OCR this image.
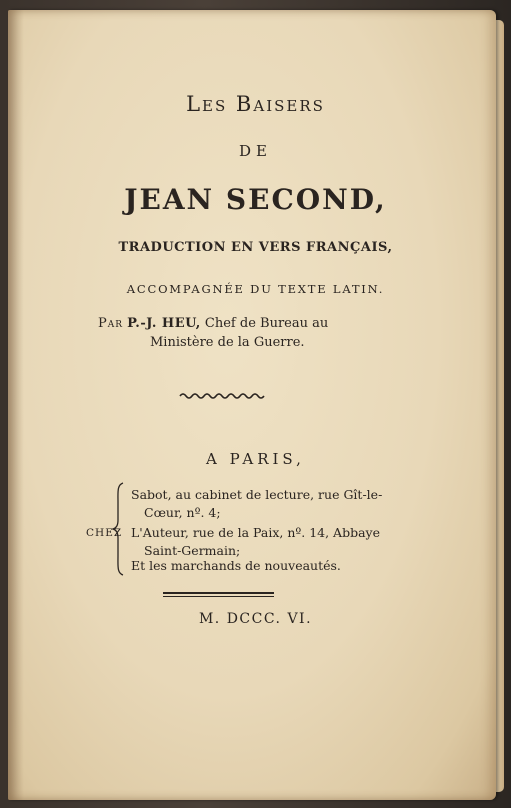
Les Baisers
DE
JEAN SECOND,
TRADUCTION EN VERS FRANÇAIS,
ACCOMPAGNÉE DU TEXTE LATIN.
Par P.-J. HEU, Chef de Bureau au
Ministère de la Guerre.
A PARIS,
CHEZ
Sabot, au cabinet de lecture, rue Gît-le-
Cœur, nº. 4;
L'Auteur, rue de la Paix, nº. 14, Abbaye
Saint-Germain;
Et les marchands de nouveautés.
M. DCCC. VI.
